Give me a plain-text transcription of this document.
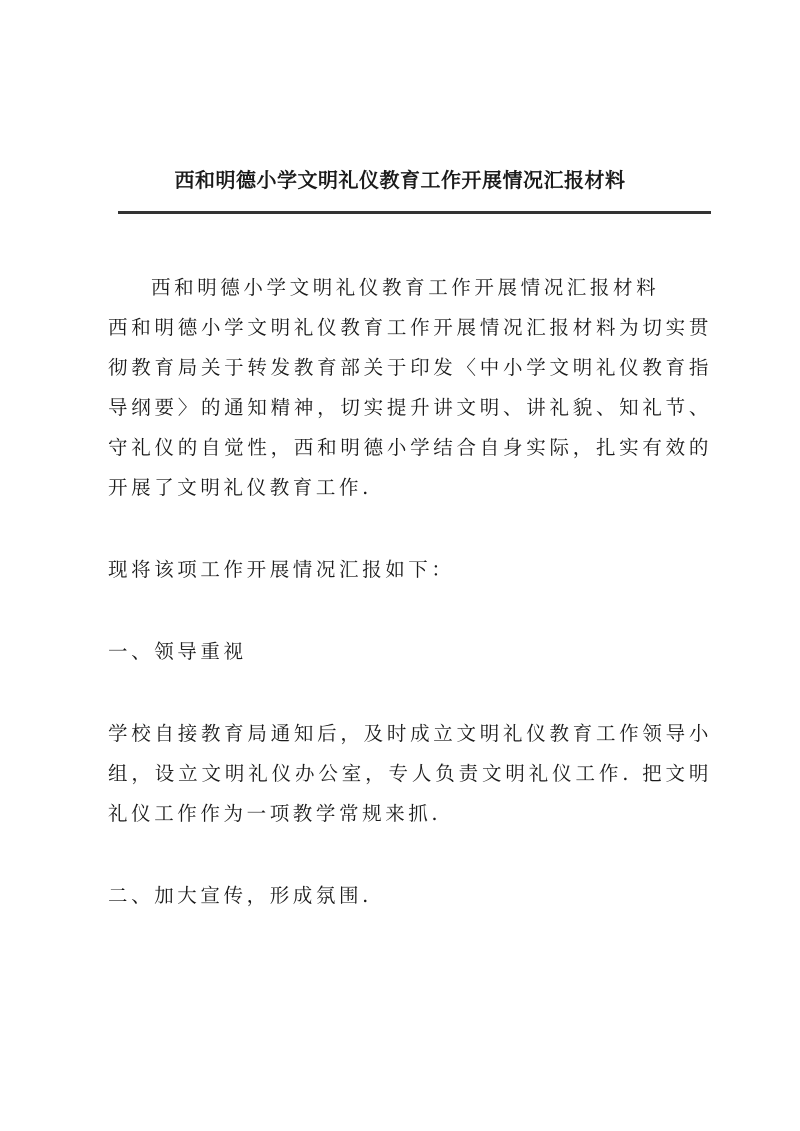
西和明德小学文明礼仪教育工作开展情况汇报材料

西和明德小学文明礼仪教育工作开展情况汇报材料

西和明德小学文明礼仪教育工作开展情况汇报材料为切实贯彻教育局关于转发教育部关于印发〈中小学文明礼仪教育指导纲要〉的通知精神，切实提升讲文明、讲礼貌、知礼节、守礼仪的自觉性，西和明德小学结合自身实际，扎实有效的开展了文明礼仪教育工作.

现将该项工作开展情况汇报如下：

一、领导重视

学校自接教育局通知后，及时成立文明礼仪教育工作领导小组，设立文明礼仪办公室，专人负责文明礼仪工作. 把文明礼仪工作作为一项教学常规来抓.

二、加大宣传，形成氛围.
